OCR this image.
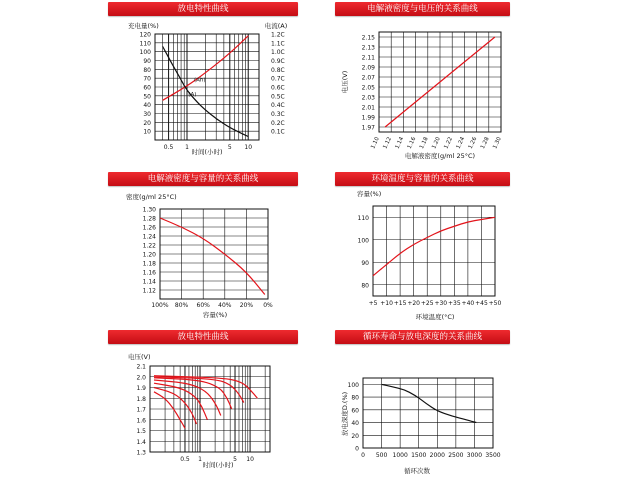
放电特性曲线
10	0.1C
20	0.2C
30	0.3C
40	0.4C
50	0.5C
60	0.6C
70	0.7C
80	0.8C
90	0.9C
100	1.0C
110	1.1C
120	1.2C
0.5 1	5 10
充电量(%)	电流(A)
时间(小时)
(Ah)
(A)
电解液密度与电压的关系曲线
1.97
1.99
2.01
2.03
2.05
2.07
2.09
2.11
2.13
2.15
1.10 1.12 1.14 1.16 1.18 1.20 1.22 1.24 1.26 1.28 1.30
电压(V)
电解液密度(g/ml 25°C)
电解液密度与容量的关系曲线
1.12
1.14
1.16
1.18
1.20
1.22
1.24
1.26
1.28
1.30
100% 80% 60% 40% 20% 0%
密度(g/ml 25°C)
容量(%)
环境温度与容量的关系曲线
80
90
100
110
+5 +10 +15 +20 +25 +30 +35 +40 +45 +50
容量(%)
环境温度(°C)
放电特性曲线
1.3
1.4
1.5
1.6
1.7
1.8
1.9
2.0
2.1
0.5 1	5 10
电压(V)
时间(小时)
循环寿命与放电深度的关系曲线
0
20
40
60
80
100
0 500 1000 1500 2000 2500 3000 3500
放电深度D.(%)
循环次数
